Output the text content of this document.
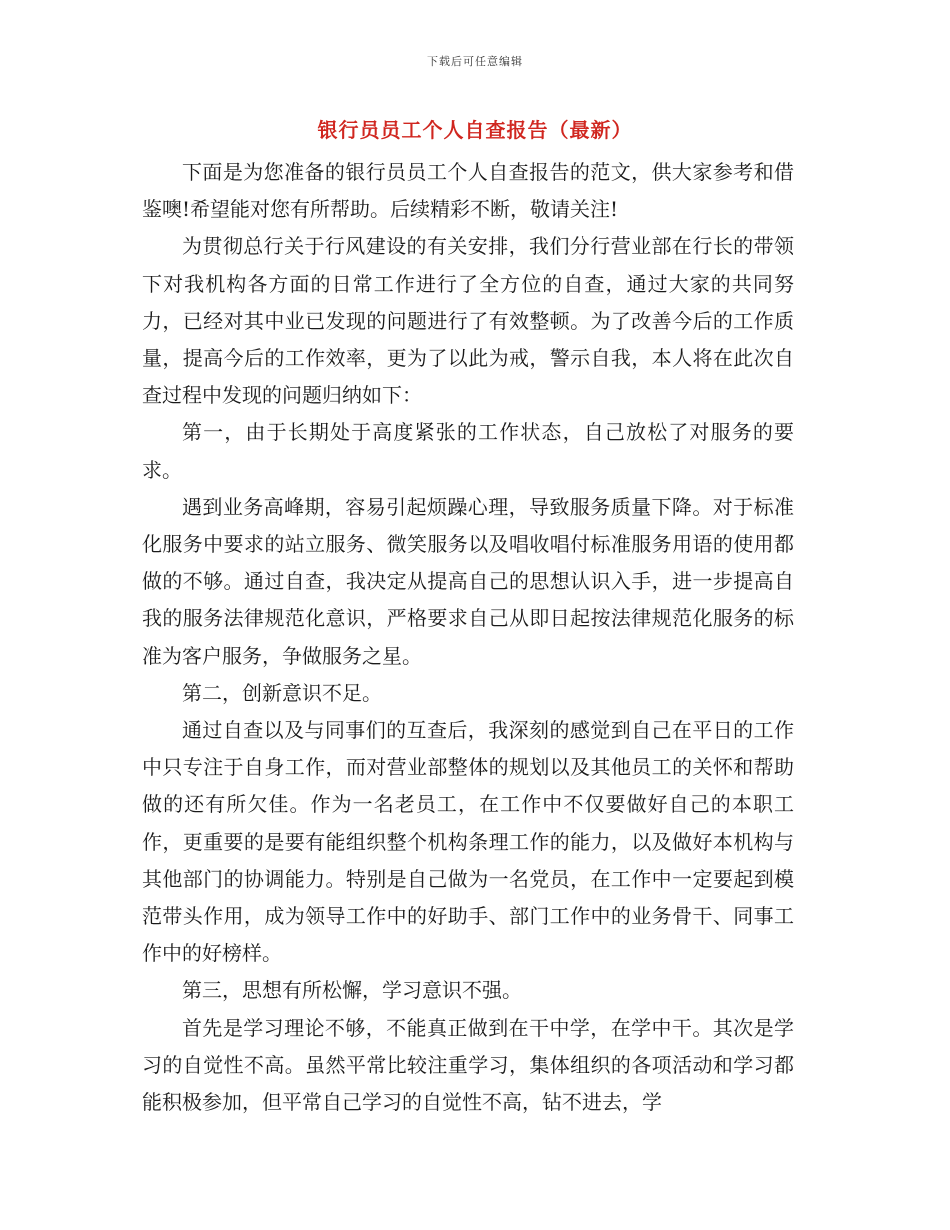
下载后可任意编辑
银行员员工个人自查报告（最新）

下面是为您准备的银行员员工个人自查报告的范文，供大家参考和借鉴噢!希望能对您有所帮助。后续精彩不断，敬请关注!

为贯彻总行关于行风建设的有关安排，我们分行营业部在行长的带领下对我机构各方面的日常工作进行了全方位的自查，通过大家的共同努力，已经对其中业已发现的问题进行了有效整顿。为了改善今后的工作质量，提高今后的工作效率，更为了以此为戒，警示自我，本人将在此次自查过程中发现的问题归纳如下：

第一，由于长期处于高度紧张的工作状态，自己放松了对服务的要求。

遇到业务高峰期，容易引起烦躁心理，导致服务质量下降。对于标准化服务中要求的站立服务、微笑服务以及唱收唱付标准服务用语的使用都做的不够。通过自查，我决定从提高自己的思想认识入手，进一步提高自我的服务法律规范化意识，严格要求自己从即日起按法律规范化服务的标准为客户服务，争做服务之星。

第二，创新意识不足。

通过自查以及与同事们的互查后，我深刻的感觉到自己在平日的工作中只专注于自身工作，而对营业部整体的规划以及其他员工的关怀和帮助做的还有所欠佳。作为一名老员工，在工作中不仅要做好自己的本职工作，更重要的是要有能组织整个机构条理工作的能力，以及做好本机构与其他部门的协调能力。特别是自己做为一名党员，在工作中一定要起到模范带头作用，成为领导工作中的好助手、部门工作中的业务骨干、同事工作中的好榜样。

第三，思想有所松懈，学习意识不强。

首先是学习理论不够，不能真正做到在干中学，在学中干。其次是学习的自觉性不高。虽然平常比较注重学习，集体组织的各项活动和学习都能积极参加，但平常自己学习的自觉性不高，钻不进去，学
